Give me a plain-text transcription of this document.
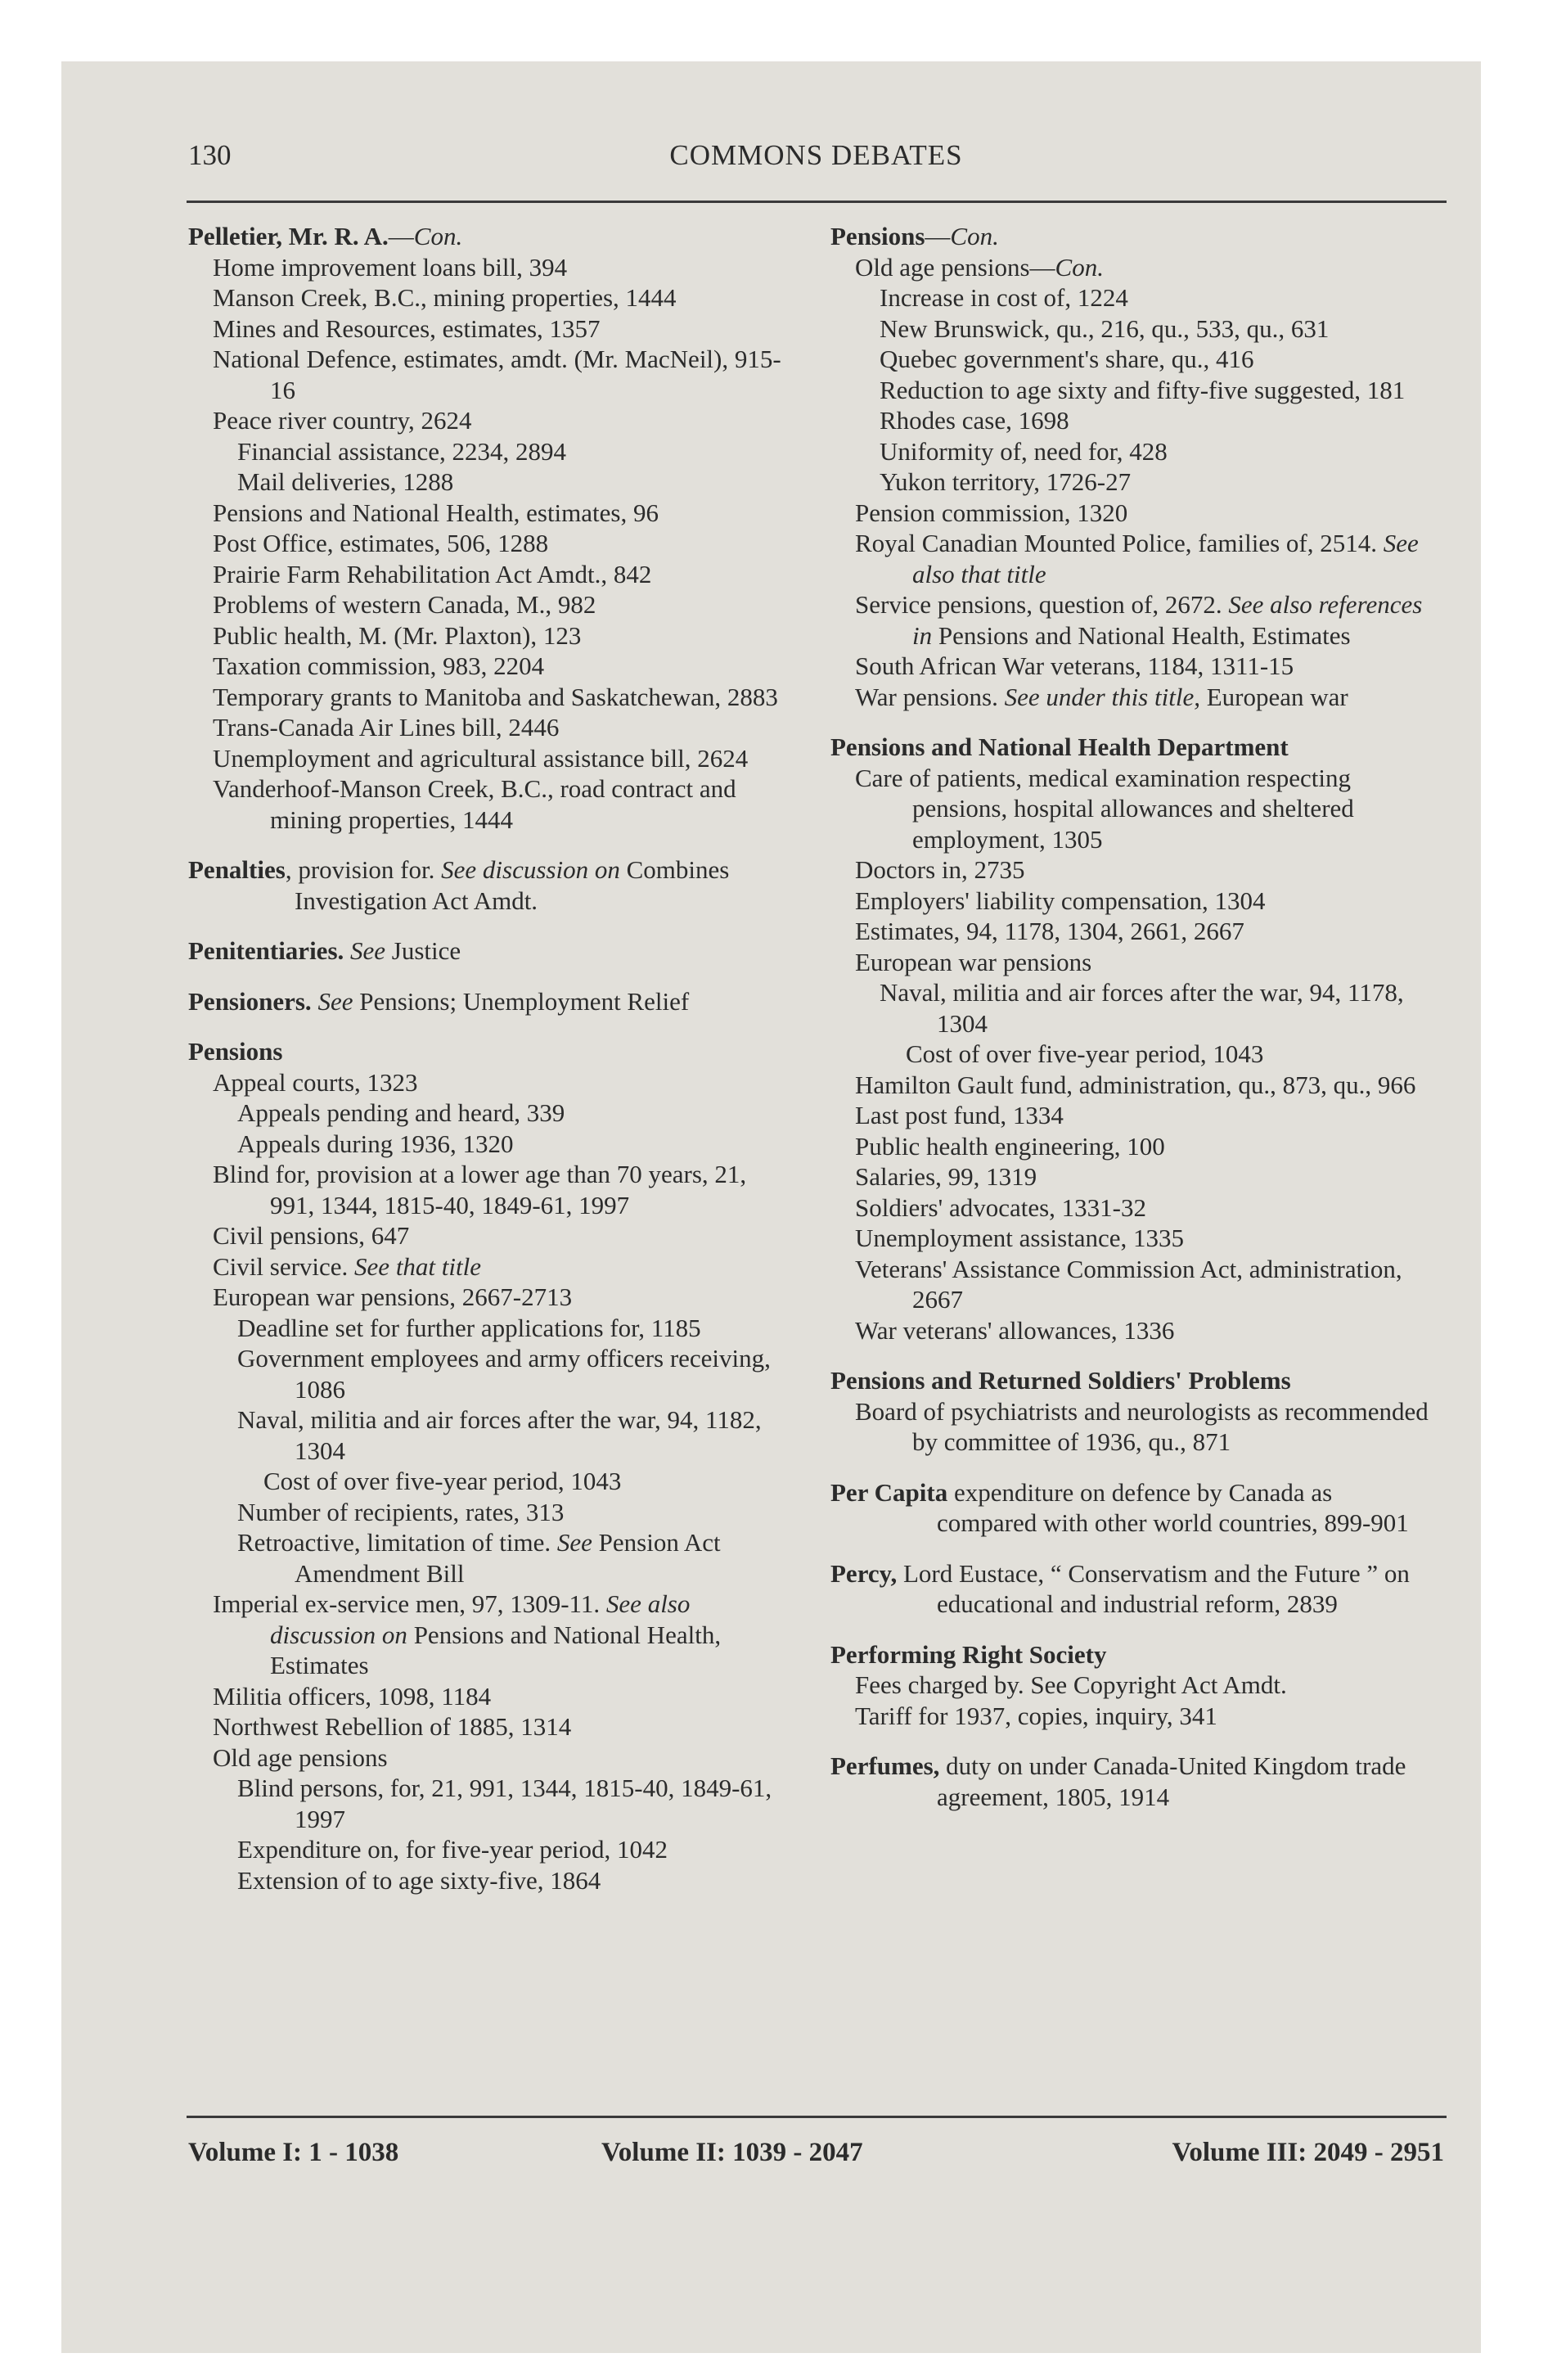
130	COMMONS DEBATES

Pelletier, Mr. R. A.—Con.

Home improvement loans bill, 394

Manson Creek, B.C., mining properties, 1444

Mines and Resources, estimates, 1357

National Defence, estimates, amdt. (Mr. MacNeil), 915-16

Peace river country, 2624

Financial assistance, 2234, 2894

Mail deliveries, 1288

Pensions and National Health, estimates, 96

Post Office, estimates, 506, 1288

Prairie Farm Rehabilitation Act Amdt., 842

Problems of western Canada, M., 982

Public health, M. (Mr. Plaxton), 123

Taxation commission, 983, 2204

Temporary grants to Manitoba and Saskatchewan, 2883

Trans-Canada Air Lines bill, 2446

Unemployment and agricultural assistance bill, 2624

Vanderhoof-Manson Creek, B.C., road contract and mining properties, 1444

Penalties, provision for. See discussion on Combines Investigation Act Amdt.

Penitentiaries. See Justice

Pensioners. See Pensions; Unemployment Relief

Pensions

Appeal courts, 1323

Appeals pending and heard, 339

Appeals during 1936, 1320

Blind for, provision at a lower age than 70 years, 21, 991, 1344, 1815-40, 1849-61, 1997

Civil pensions, 647

Civil service. See that title

European war pensions, 2667-2713

Deadline set for further applications for, 1185

Government employees and army officers receiving, 1086

Naval, militia and air forces after the war, 94, 1182, 1304

Cost of over five-year period, 1043

Number of recipients, rates, 313

Retroactive, limitation of time. See Pension Act Amendment Bill

Imperial ex-service men, 97, 1309-11. See also discussion on Pensions and National Health, Estimates

Militia officers, 1098, 1184

Northwest Rebellion of 1885, 1314

Old age pensions

Blind persons, for, 21, 991, 1344, 1815-40, 1849-61, 1997

Expenditure on, for five-year period, 1042

Extension of to age sixty-five, 1864

Pensions—Con.

Old age pensions—Con.

Increase in cost of, 1224

New Brunswick, qu., 216, qu., 533, qu., 631

Quebec government's share, qu., 416

Reduction to age sixty and fifty-five suggested, 181

Rhodes case, 1698

Uniformity of, need for, 428

Yukon territory, 1726-27

Pension commission, 1320

Royal Canadian Mounted Police, families of, 2514. See also that title

Service pensions, question of, 2672. See also references in Pensions and National Health, Estimates

South African War veterans, 1184, 1311-15

War pensions. See under this title, European war

Pensions and National Health Department

Care of patients, medical examination respecting pensions, hospital allowances and sheltered employment, 1305

Doctors in, 2735

Employers' liability compensation, 1304

Estimates, 94, 1178, 1304, 2661, 2667

European war pensions

Naval, militia and air forces after the war, 94, 1178, 1304

Cost of over five-year period, 1043

Hamilton Gault fund, administration, qu., 873, qu., 966

Last post fund, 1334

Public health engineering, 100

Salaries, 99, 1319

Soldiers' advocates, 1331-32

Unemployment assistance, 1335

Veterans' Assistance Commission Act, administration, 2667

War veterans' allowances, 1336

Pensions and Returned Soldiers' Problems

Board of psychiatrists and neurologists as recommended by committee of 1936, qu., 871

Per Capita expenditure on defence by Canada as compared with other world countries, 899-901

Percy, Lord Eustace, “ Conservatism and the Future ” on educational and industrial reform, 2839

Performing Right Society

Fees charged by. See Copyright Act Amdt.

Tariff for 1937, copies, inquiry, 341

Perfumes, duty on under Canada-United Kingdom trade agreement, 1805, 1914

Volume I: 1 - 1038	Volume II: 1039 - 2047	Volume III: 2049 - 2951
